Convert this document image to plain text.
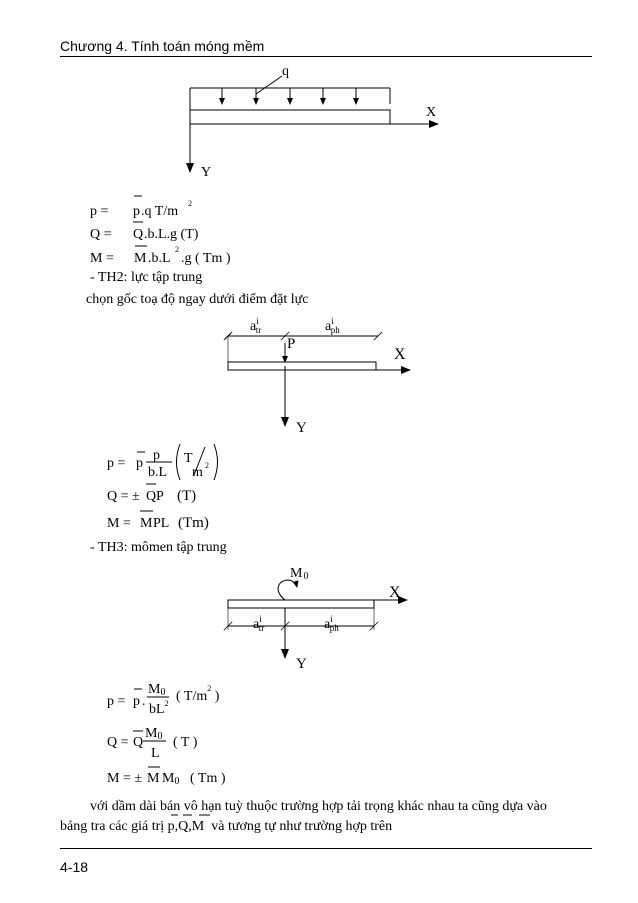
Chương 4. Tính toán móng mềm
q
X
Y
$a^i$ tr	$a^i$ ph
P
X
Y
M0
X
$a^i$ tr	$a^i$ ph
Y
p = p .q T/m
2
Q = Q .b.L.g (T)
M = M .b.L
2
.g ( Tm )
p = p
p
b.L
T
m 2
Q = ± Q P (T)
M = M PL (Tm)
p = p .
M0
$bL^2$ ( $T/m^2$ )
Q = Q
M0
L
( T )
M = ± M M0 ( Tm )
- TH2: lực tập trung
chọn gốc toạ độ ngay dưới điểm đặt lực
- TH3: mômen tập trung
với dầm dài bán vô hạn tuỳ thuộc trường hợp tải trọng khác nhau ta cũng dựa vào
bảng tra các giá trị p,Q,M và tương tự như trường hợp trên
4-18
